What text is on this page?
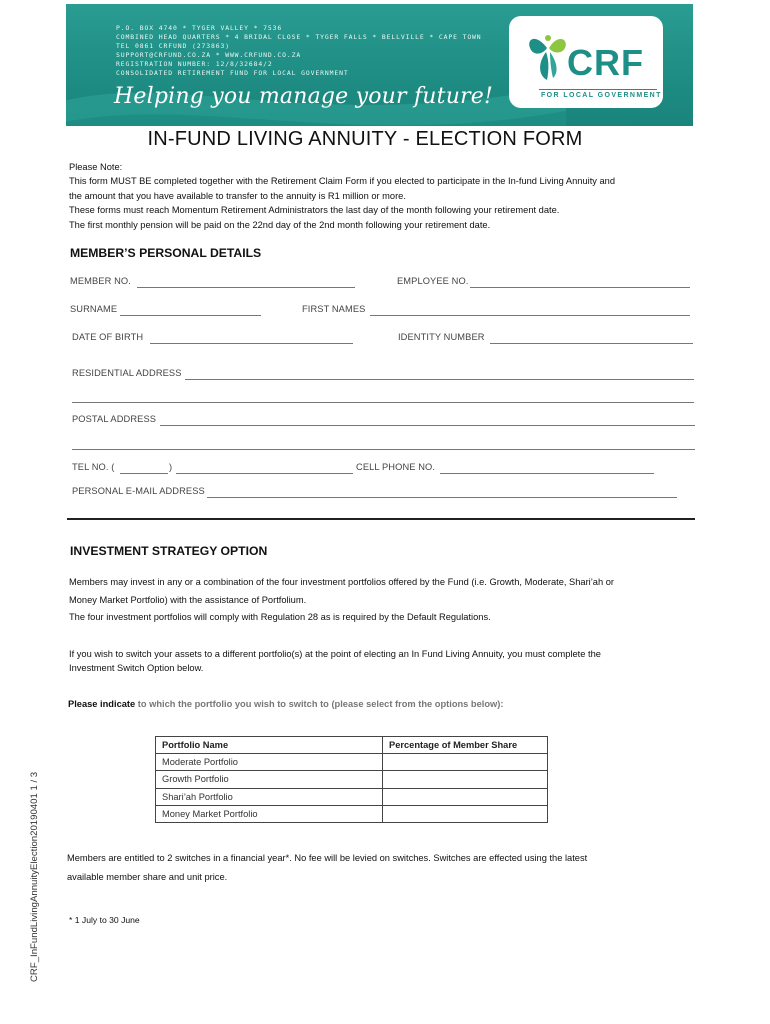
P.O. BOX 4740 * TYGER VALLEY * 7536
COMBINED HEAD QUARTERS * 4 BRIDAL CLOSE * TYGER FALLS * BELLVILLE * CAPE TOWN
TEL 0861 CRFUND (273863)
SUPPORT@CRFUND.CO.ZA * WWW.CRFUND.CO.ZA
REGISTRATION NUMBER: 12/8/32684/2
CONSOLIDATED RETIREMENT FUND FOR LOCAL GOVERNMENT
Helping you manage your future!
CRF
FOR LOCAL GOVERNMENT
IN-FUND LIVING ANNUITY - ELECTION FORM
Please Note:
This form MUST BE completed together with the Retirement Claim Form if you elected to participate in the In-fund Living Annuity and
the amount that you have available to transfer to the annuity is R1 million or more.
These forms must reach Momentum Retirement Administrators the last day of the month following your retirement date.
The first monthly pension will be paid on the 22nd day of the 2nd month following your retirement date.
MEMBER’S PERSONAL DETAILS
MEMBER NO.	EMPLOYEE NO.
SURNAME	FIRST NAMES
DATE OF BIRTH	IDENTITY NUMBER
RESIDENTIAL ADDRESS
POSTAL ADDRESS
TEL NO. (	)	CELL PHONE NO.
PERSONAL E-MAIL ADDRESS
INVESTMENT STRATEGY OPTION
Members may invest in any or a combination of the four investment portfolios offered by the Fund (i.e. Growth, Moderate, Shari’ah or
Money Market Portfolio) with the assistance of Portfolium.
The four investment portfolios will comply with Regulation 28 as is required by the Default Regulations.
If you wish to switch your assets to a different portfolio(s) at the point of electing an In Fund Living Annuity, you must complete the
Investment Switch Option below.
Please indicate to which the portfolio you wish to switch to (please select from the options below):
Portfolio Name	Percentage of Member Share
Moderate Portfolio	
Growth Portfolio	
Shari’ah Portfolio	
Money Market Portfolio	
Members are entitled to 2 switches in a financial year*. No fee will be levied on switches. Switches are effected using the latest
available member share and unit price.
* 1 July to 30 June
CRF_InFundLivingAnnuityElection20190401 1 / 3
